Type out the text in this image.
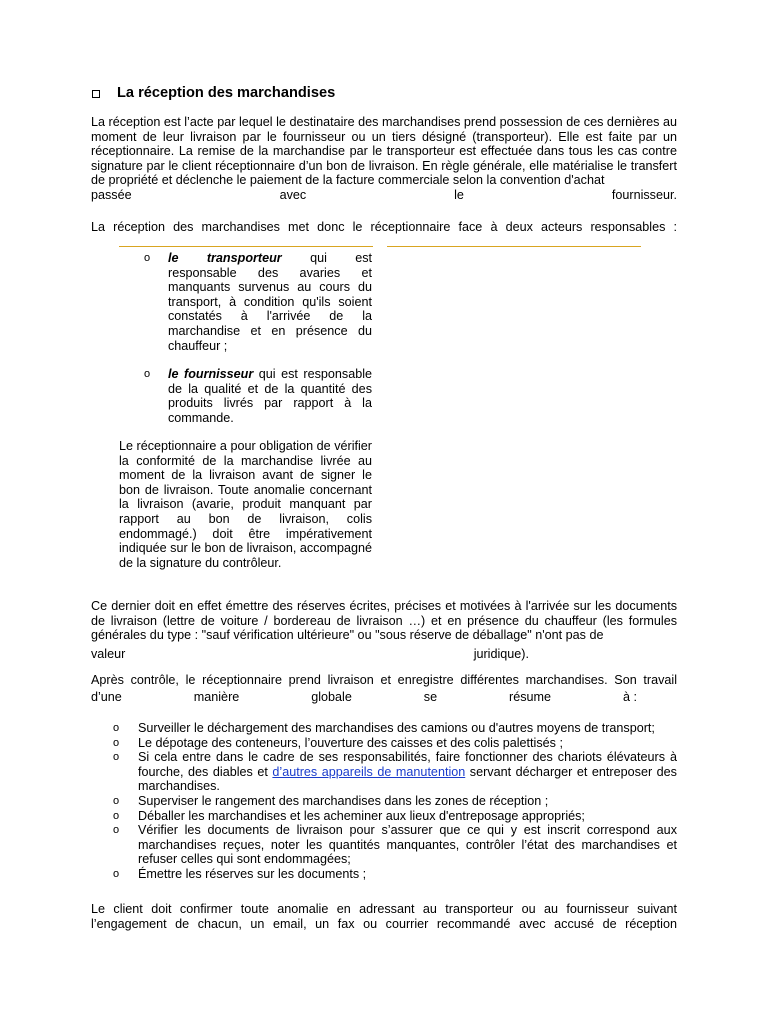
La réception des marchandises

La réception est l’acte par lequel le destinataire des marchandises prend possession de ces dernières au moment de leur livraison par le fournisseur ou un tiers désigné (transporteur). Elle est faite par un réceptionnaire. La remise de la marchandise par le transporteur est effectuée dans tous les cas contre signature par le client réceptionnaire d’un bon de livraison. En règle générale, elle matérialise le transfert de propriété et déclenche le paiement de la facture commerciale selon la convention d'achat
passée avec le fournisseur.

La réception des marchandises met donc le réceptionnaire face à deux acteurs responsables :

o	le transporteur qui est
responsable des avaries et manquants survenus au cours du transport, à condition qu'ils soient constatés à l'arrivée de la marchandise et en présence du chauffeur ;
o	le fournisseur qui est responsable de la qualité et de la quantité des produits livrés par rapport à la commande.

Le réceptionnaire a pour obligation de vérifier la conformité de la marchandise livrée au moment de la livraison avant de signer le bon de livraison. Toute anomalie concernant la livraison (avarie, produit manquant par rapport au bon de livraison, colis endommagé.) doit être impérativement indiquée sur le bon de livraison, accompagné de la signature du contrôleur.

Ce dernier doit en effet émettre des réserves écrites, précises et motivées à l'arrivée sur les documents de livraison (lettre de voiture / bordereau de livraison …) et en présence du chauffeur (les formules générales du type : "sauf vérification ultérieure" ou "sous réserve de déballage" n'ont pas de
valeur	juridique).
Après contrôle, le réceptionnaire prend livraison et enregistre différentes marchandises. Son travail
d’une	manière	globale	se	résume	à :
o	Surveiller le déchargement des marchandises des camions ou d'autres moyens de transport;
o	Le dépotage des conteneurs, l’ouverture des caisses et des colis palettisés ;
o	Si cela entre dans le cadre de ses responsabilités, faire fonctionner des chariots élévateurs à fourche, des diables et d’autres appareils de manutention servant décharger et entreposer des marchandises.
o	Superviser le rangement des marchandises dans les zones de réception ;
o	Déballer les marchandises et les acheminer aux lieux d'entreposage appropriés;
o	Vérifier les documents de livraison pour s’assurer que ce qui y est inscrit correspond aux marchandises reçues, noter les quantités manquantes, contrôler l’état des marchandises et refuser celles qui sont endommagées;
o	Émettre les réserves sur les documents ;

Le client doit confirmer toute anomalie en adressant au transporteur ou au fournisseur suivant l’engagement de chacun, un email, un fax ou courrier recommandé avec accusé de réception
